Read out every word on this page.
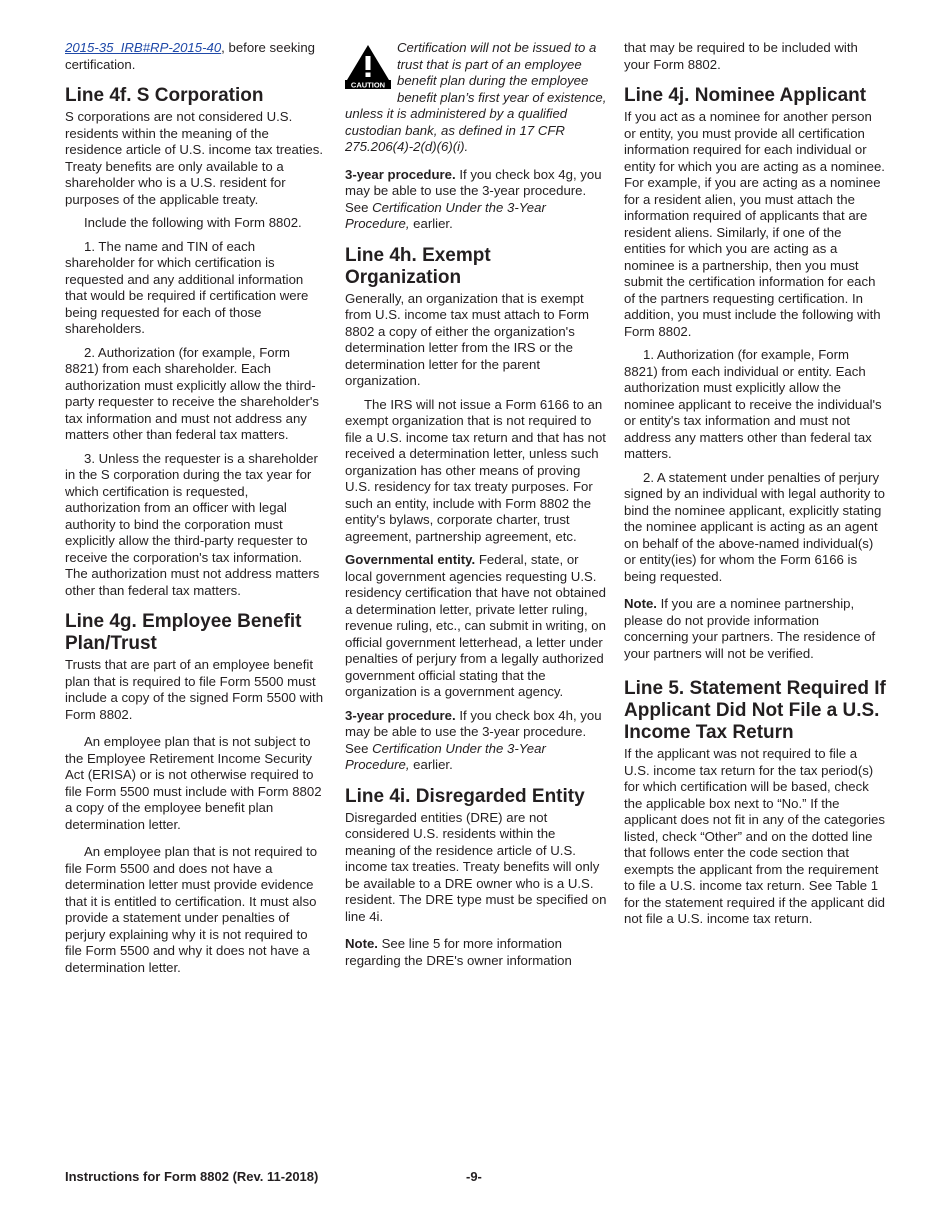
2015-35_IRB#RP-2015-40, before seeking certification.

Line 4f. S Corporation

S corporations are not considered U.S. residents within the meaning of the residence article of U.S. income tax treaties. Treaty benefits are only available to a shareholder who is a U.S. resident for purposes of the applicable treaty.

Include the following with Form 8802.

1. The name and TIN of each shareholder for which certification is requested and any additional information that would be required if certification were being requested for each of those shareholders.

2. Authorization (for example, Form 8821) from each shareholder. Each authorization must explicitly allow the third-party requester to receive the shareholder's tax information and must not address any matters other than federal tax matters.

3. Unless the requester is a shareholder in the S corporation during the tax year for which certification is requested, authorization from an officer with legal authority to bind the corporation must explicitly allow the third-party requester to receive the corporation's tax information. The authorization must not address matters other than federal tax matters.

Line 4g. Employee Benefit Plan/Trust

Trusts that are part of an employee benefit plan that is required to file Form 5500 must include a copy of the signed Form 5500 with Form 8802.

An employee plan that is not subject to the Employee Retirement Income Security Act (ERISA) or is not otherwise required to file Form 5500 must include with Form 8802 a copy of the employee benefit plan determination letter.

An employee plan that is not required to file Form 5500 and does not have a determination letter must provide evidence that it is entitled to certification. It must also provide a statement under penalties of perjury explaining why it is not required to file Form 5500 and why it does not have a determination letter.

CAUTION

Certification will not be issued to a trust that is part of an employee benefit plan during the employee benefit plan’s first year of existence, unless it is administered by a qualified custodian bank, as defined in 17 CFR 275.206(4)-2(d)(6)(i).

3-year procedure. If you check box 4g, you may be able to use the 3-year procedure. See Certification Under the 3-Year Procedure, earlier.

Line 4h. Exempt Organization

Generally, an organization that is exempt from U.S. income tax must attach to Form 8802 a copy of either the organization's determination letter from the IRS or the determination letter for the parent organization.

The IRS will not issue a Form 6166 to an exempt organization that is not required to file a U.S. income tax return and that has not received a determination letter, unless such organization has other means of proving U.S. residency for tax treaty purposes. For such an entity, include with Form 8802 the entity's bylaws, corporate charter, trust agreement, partnership agreement, etc.

Governmental entity. Federal, state, or local government agencies requesting U.S. residency certification that have not obtained a determination letter, private letter ruling, revenue ruling, etc., can submit in writing, on official government letterhead, a letter under penalties of perjury from a legally authorized government official stating that the organization is a government agency.

3-year procedure. If you check box 4h, you may be able to use the 3-year procedure. See Certification Under the 3-Year Procedure, earlier.

Line 4i. Disregarded Entity

Disregarded entities (DRE) are not considered U.S. residents within the meaning of the residence article of U.S. income tax treaties. Treaty benefits will only be available to a DRE owner who is a U.S. resident. The DRE type must be specified on line 4i.

Note. See line 5 for more information regarding the DRE's owner information

that may be required to be included with your Form 8802.

Line 4j. Nominee Applicant

If you act as a nominee for another person or entity, you must provide all certification information required for each individual or entity for which you are acting as a nominee. For example, if you are acting as a nominee for a resident alien, you must attach the information required of applicants that are resident aliens. Similarly, if one of the entities for which you are acting as a nominee is a partnership, then you must submit the certification information for each of the partners requesting certification. In addition, you must include the following with Form 8802.

1. Authorization (for example, Form 8821) from each individual or entity. Each authorization must explicitly allow the nominee applicant to receive the individual's or entity's tax information and must not address any matters other than federal tax matters.

2. A statement under penalties of perjury signed by an individual with legal authority to bind the nominee applicant, explicitly stating the nominee applicant is acting as an agent on behalf of the above-named individual(s) or entity(ies) for whom the Form 6166 is being requested.

Note. If you are a nominee partnership, please do not provide information concerning your partners. The residence of your partners will not be verified.

Line 5. Statement Required If Applicant Did Not File a U.S. Income Tax Return

If the applicant was not required to file a U.S. income tax return for the tax period(s) for which certification will be based, check the applicable box next to “No.” If the applicant does not fit in any of the categories listed, check “Other” and on the dotted line that follows enter the code section that exempts the applicant from the requirement to file a U.S. income tax return. See Table 1 for the statement required if the applicant did not file a U.S. income tax return.

Instructions for Form 8802 (Rev. 11-2018)	-9-
